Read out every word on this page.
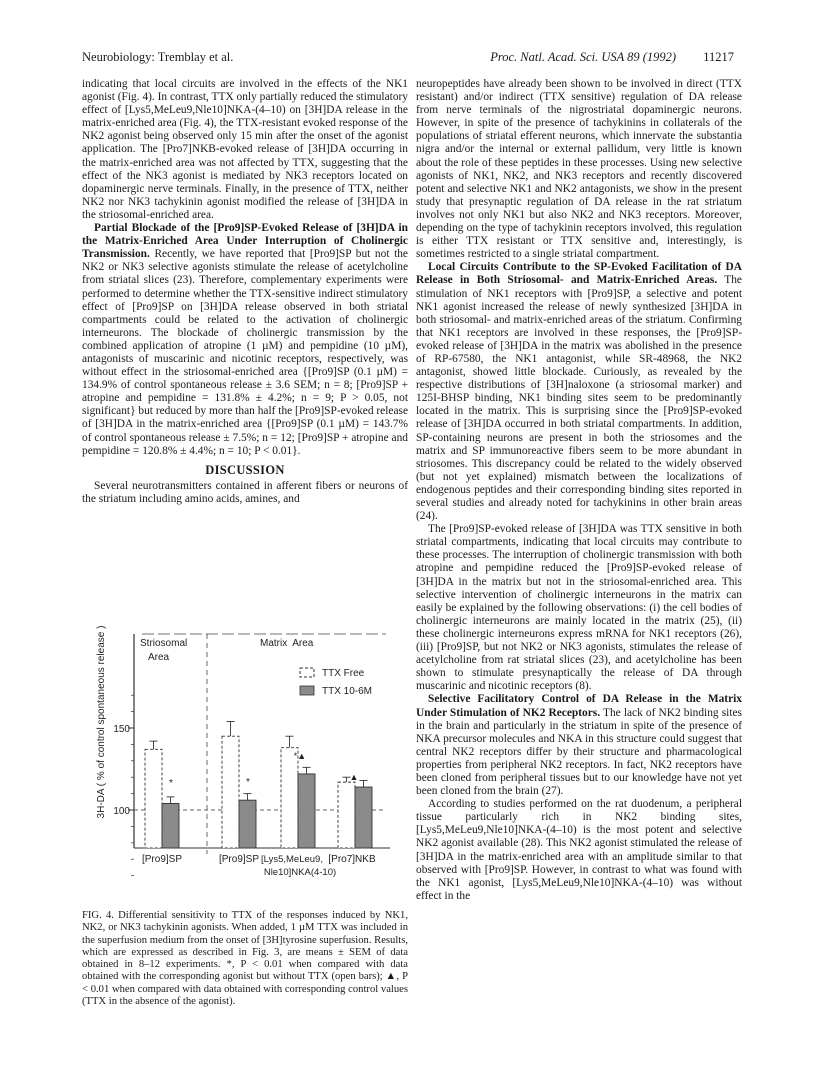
Neurobiology: Tremblay et al.	Proc. Natl. Acad. Sci. USA 89 (1992) 11217

indicating that local circuits are involved in the effects of the NK1 agonist (Fig. 4). In contrast, TTX only partially reduced the stimulatory effect of [Lys5,MeLeu9,Nle10]NKA-(4–10) on [3H]DA release in the matrix-enriched area (Fig. 4), the TTX-resistant evoked response of the NK2 agonist being observed only 15 min after the onset of the agonist application. The [Pro7]NKB-evoked release of [3H]DA occurring in the matrix-enriched area was not affected by TTX, suggesting that the effect of the NK3 agonist is mediated by NK3 receptors located on dopaminergic nerve terminals. Finally, in the presence of TTX, neither NK2 nor NK3 tachykinin agonist modified the release of [3H]DA in the striosomal-enriched area.

Partial Blockade of the [Pro9]SP-Evoked Release of [3H]DA in the Matrix-Enriched Area Under Interruption of Cholinergic Transmission. Recently, we have reported that [Pro9]SP but not the NK2 or NK3 selective agonists stimulate the release of acetylcholine from striatal slices (23). Therefore, complementary experiments were performed to determine whether the TTX-sensitive indirect stimulatory effect of [Pro9]SP on [3H]DA release observed in both striatal compartments could be related to the activation of cholinergic interneurons. The blockade of cholinergic transmission by the combined application of atropine (1 µM) and pempidine (10 µM), antagonists of muscarinic and nicotinic receptors, respectively, was without effect in the striosomal-enriched area {[Pro9]SP (0.1 µM) = 134.9% of control spontaneous release ± 3.6 SEM; n = 8; [Pro9]SP + atropine and pempidine = 131.8% ± 4.2%; n = 9; P > 0.05, not significant} but reduced by more than half the [Pro9]SP-evoked release of [3H]DA in the matrix-enriched area {[Pro9]SP (0.1 µM) = 143.7% of control spontaneous release ± 7.5%; n = 12; [Pro9]SP + atropine and pempidine = 120.8% ± 4.4%; n = 10; P < 0.01}.

DISCUSSION

Several neurotransmitters contained in afferent fibers or neurons of the striatum including amino acids, amines, and

3H-DA ( % of control spontaneous release )	Striosomal
Area
Matrix  Area
TTX Free
TTX 10-6M
150
100
*	*
*▲
▲
[Pro9]SP	[Pro9]SP [Lys5,MeLeu9,
Nle10]NKA(4-10)
[Pro7]NKB
FIG. 4. Differential sensitivity to TTX of the responses induced by NK1, NK2, or NK3 tachykinin agonists. When added, 1 µM TTX was included in the superfusion medium from the onset of [3H]tyrosine superfusion. Results, which are expressed as described in Fig. 3, are means ± SEM of data obtained in 8–12 experiments. *, P < 0.01 when compared with data obtained with the corresponding agonist but without TTX (open bars); ▲, P < 0.01 when compared with data obtained with corresponding control values (TTX in the absence of the agonist).

neuropeptides have already been shown to be involved in direct (TTX resistant) and/or indirect (TTX sensitive) regulation of DA release from nerve terminals of the nigrostriatal dopaminergic neurons. However, in spite of the presence of tachykinins in collaterals of the populations of striatal efferent neurons, which innervate the substantia nigra and/or the internal or external pallidum, very little is known about the role of these peptides in these processes. Using new selective agonists of NK1, NK2, and NK3 receptors and recently discovered potent and selective NK1 and NK2 antagonists, we show in the present study that presynaptic regulation of DA release in the rat striatum involves not only NK1 but also NK2 and NK3 receptors. Moreover, depending on the type of tachykinin receptors involved, this regulation is either TTX resistant or TTX sensitive and, interestingly, is sometimes restricted to a single striatal compartment.

Local Circuits Contribute to the SP-Evoked Facilitation of DA Release in Both Striosomal- and Matrix-Enriched Areas. The stimulation of NK1 receptors with [Pro9]SP, a selective and potent NK1 agonist increased the release of newly synthesized [3H]DA in both striosomal- and matrix-enriched areas of the striatum. Confirming that NK1 receptors are involved in these responses, the [Pro9]SP-evoked release of [3H]DA in the matrix was abolished in the presence of RP-67580, the NK1 antagonist, while SR-48968, the NK2 antagonist, showed little blockade. Curiously, as revealed by the respective distributions of [3H]naloxone (a striosomal marker) and 125I-BHSP binding, NK1 binding sites seem to be predominantly located in the matrix. This is surprising since the [Pro9]SP-evoked release of [3H]DA occurred in both striatal compartments. In addition, SP-containing neurons are present in both the striosomes and the matrix and SP immunoreactive fibers seem to be more abundant in striosomes. This discrepancy could be related to the widely observed (but not yet explained) mismatch between the localizations of endogenous peptides and their corresponding binding sites reported in several studies and already noted for tachykinins in other brain areas (24).

The [Pro9]SP-evoked release of [3H]DA was TTX sensitive in both striatal compartments, indicating that local circuits may contribute to these processes. The interruption of cholinergic transmission with both atropine and pempidine reduced the [Pro9]SP-evoked release of [3H]DA in the matrix but not in the striosomal-enriched area. This selective intervention of cholinergic interneurons in the matrix can easily be explained by the following observations: (i) the cell bodies of cholinergic interneurons are mainly located in the matrix (25), (ii) these cholinergic interneurons express mRNA for NK1 receptors (26), (iii) [Pro9]SP, but not NK2 or NK3 agonists, stimulates the release of acetylcholine from rat striatal slices (23), and acetylcholine has been shown to stimulate presynaptically the release of DA through muscarinic and nicotinic receptors (8).

Selective Facilitatory Control of DA Release in the Matrix Under Stimulation of NK2 Receptors. The lack of NK2 binding sites in the brain and particularly in the striatum in spite of the presence of NKA precursor molecules and NKA in this structure could suggest that central NK2 receptors differ by their structure and pharmacological properties from peripheral NK2 receptors. In fact, NK2 receptors have been cloned from peripheral tissues but to our knowledge have not yet been cloned from the brain (27).

According to studies performed on the rat duodenum, a peripheral tissue particularly rich in NK2 binding sites, [Lys5,MeLeu9,Nle10]NKA-(4–10) is the most potent and selective NK2 agonist available (28). This NK2 agonist stimulated the release of [3H]DA in the matrix-enriched area with an amplitude similar to that observed with [Pro9]SP. However, in contrast to what was found with the NK1 agonist, [Lys5,MeLeu9,Nle10]NKA-(4–10) was without effect in the
